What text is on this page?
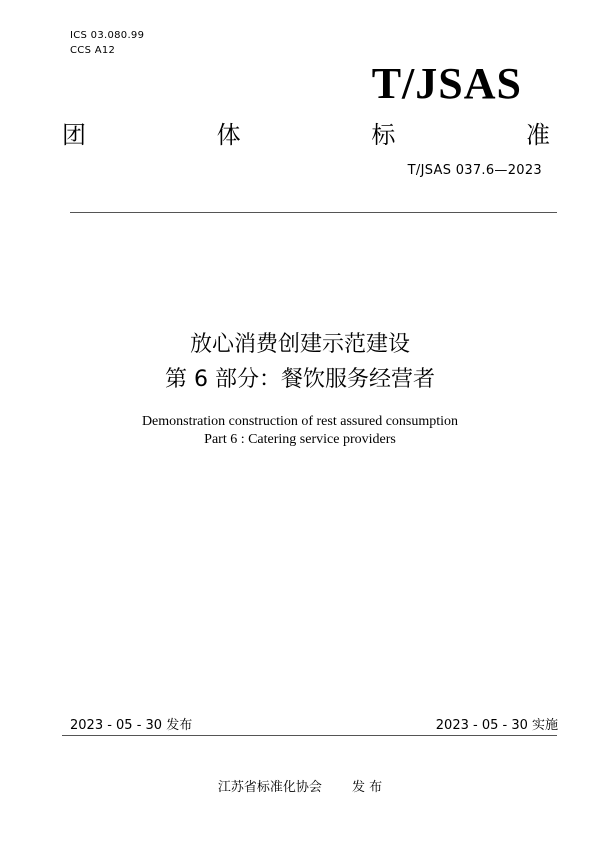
ICS 03.080.99
CCS A12
T/JSAS
团	体	标	准
T/JSAS 037.6—2023
放心消费创建示范建设
第 6 部分：餐饮服务经营者
Demonstration construction of rest assured consumption
Part 6 : Catering service providers
2023 - 05 - 30 发布	2023 - 05 - 30 实施
江苏省标准化协会 发 布
